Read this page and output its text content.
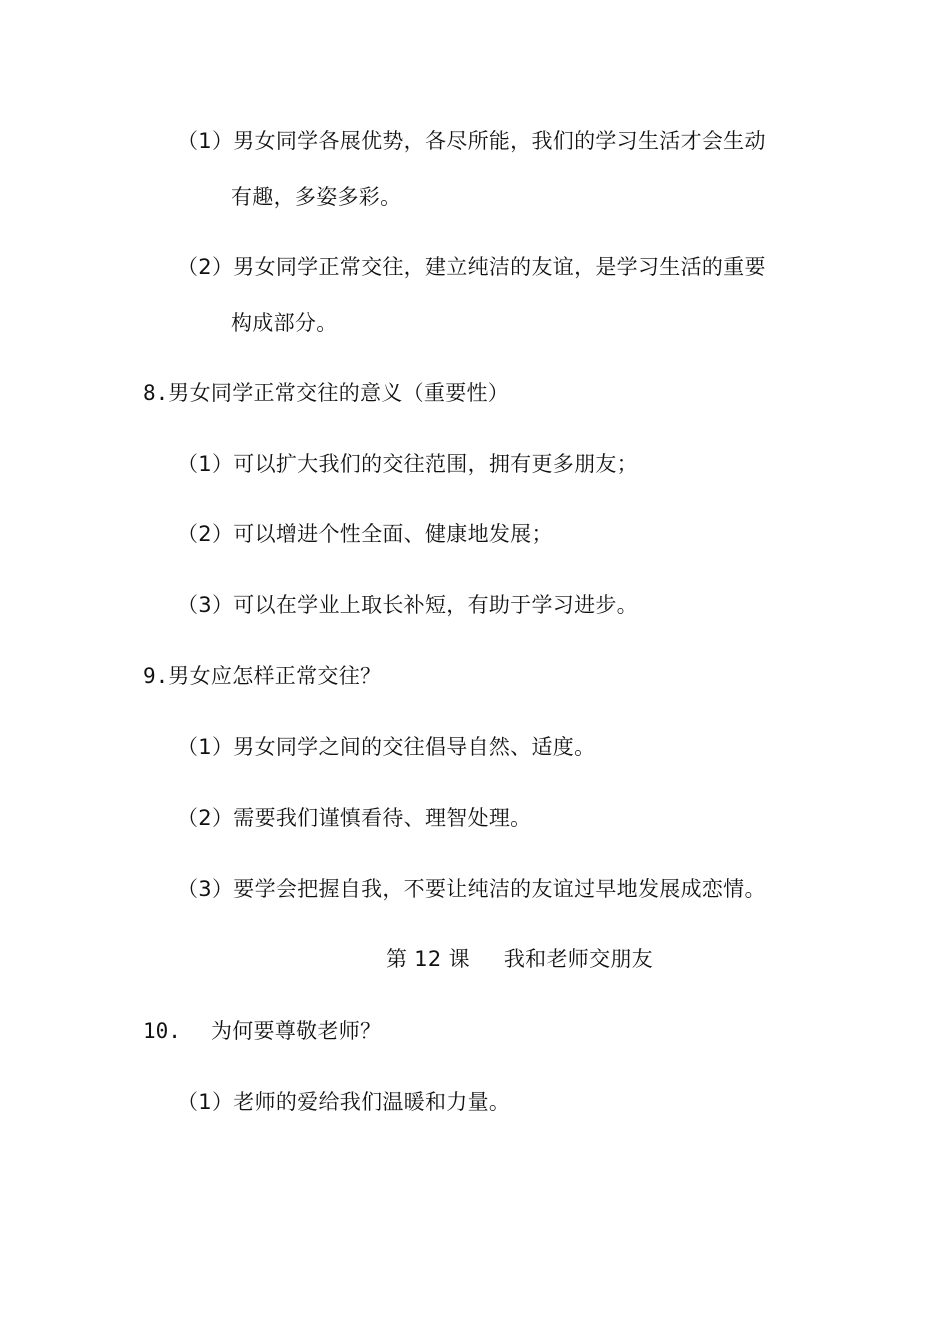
（1）男女同学各展优势，各尽所能，我们的学习生活才会生动
有趣，多姿多彩。
（2）男女同学正常交往，建立纯洁的友谊，是学习生活的重要
构成部分。
8.男女同学正常交往的意义（重要性）
（1）可以扩大我们的交往范围，拥有更多朋友；
（2）可以增进个性全面、健康地发展；
（3）可以在学业上取长补短，有助于学习进步。
9.男女应怎样正常交往？
（1）男女同学之间的交往倡导自然、适度。
（2）需要我们谨慎看待、理智处理。
（3）要学会把握自我，不要让纯洁的友谊过早地发展成恋情。
第 12 课 我和老师交朋友
10. 为何要尊敬老师？
（1）老师的爱给我们温暖和力量。
